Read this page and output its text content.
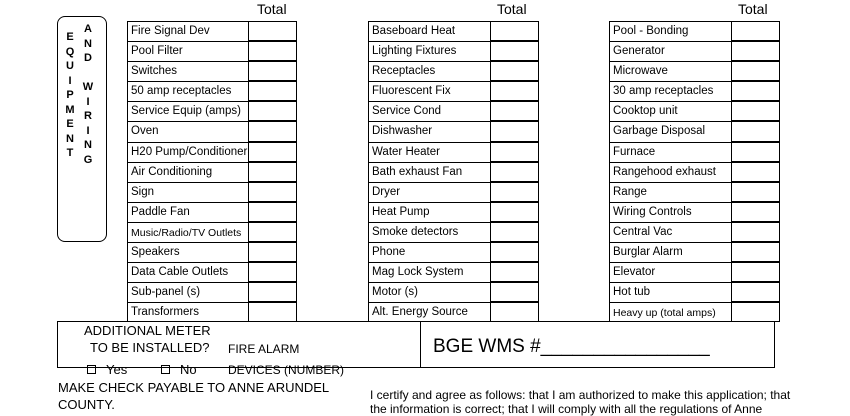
Total	Total	Total
E
Q
U
I
P
M
E
N
T
A
N
D
W
I
R
I
N
G
Fire Signal Dev
Pool Filter
Switches
50 amp receptacles
Service Equip (amps)
Oven
H20 Pump/Conditioner
Air Conditioning
Sign
Paddle Fan
Music/Radio/TV Outlets
Speakers
Data Cable Outlets
Sub-panel (s)
Transformers
Baseboard Heat
Lighting Fixtures
Receptacles
Fluorescent Fix
Service Cond
Dishwasher
Water Heater
Bath exhaust Fan
Dryer
Heat Pump
Smoke detectors
Phone
Mag Lock System
Motor (s)
Alt. Energy Source
Pool - Bonding
Generator
Microwave
30 amp receptacles
Cooktop unit
Garbage Disposal
Furnace
Rangehood exhaust
Range
Wiring Controls
Central Vac
Burglar Alarm
Elevator
Hot tub
Heavy up (total amps)
ADDITIONAL METER
TO BE INSTALLED? FIRE ALARM
Yes	No	DEVICES (NUMBER)
BGE WMS #________________
MAKE CHECK PAYABLE TO ANNE ARUNDEL
COUNTY.
I certify and agree as follows: that I am authorized to make this application; that
the information is correct; that I will comply with all the regulations of Anne
